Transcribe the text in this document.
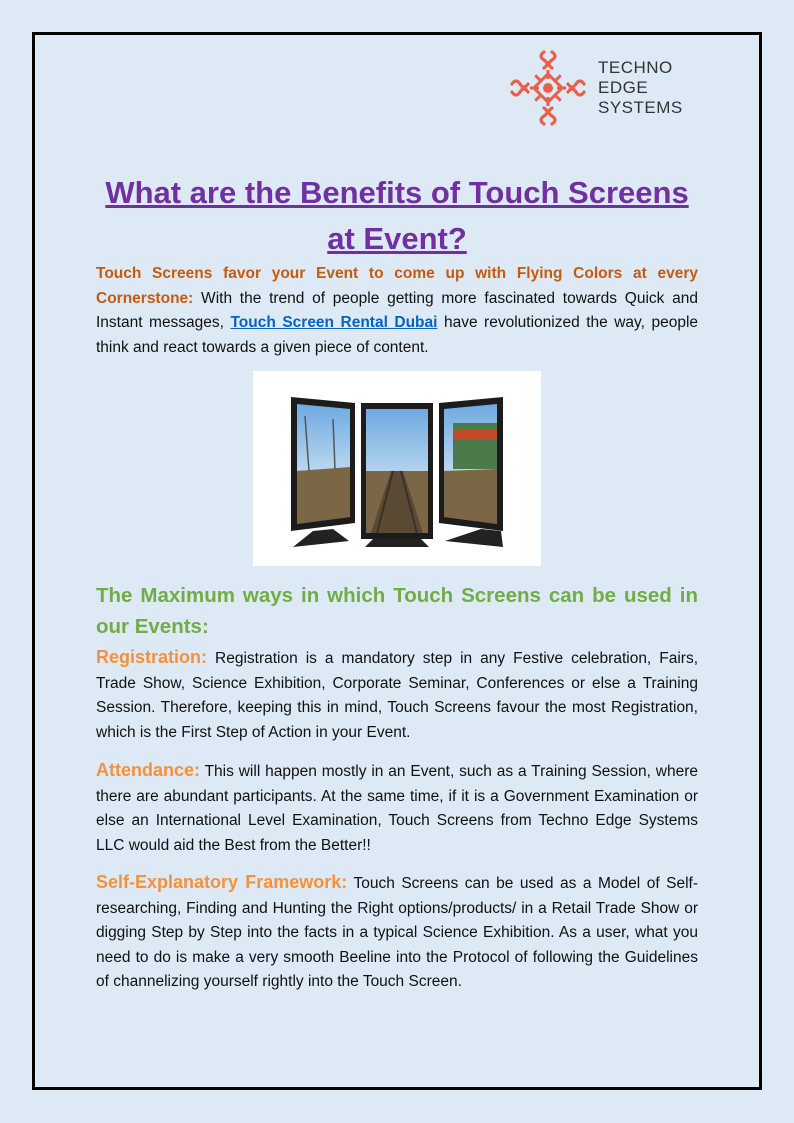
TECHNO
EDGE
SYSTEMS
What are the Benefits of Touch Screens at Event?

Touch Screens favor your Event to come up with Flying Colors at every Cornerstone: With the trend of people getting more fascinated towards Quick and Instant messages, Touch Screen Rental Dubai have revolutionized the way, people think and react towards a given piece of content.

The Maximum ways in which Touch Screens can be used in our Events:

Registration: Registration is a mandatory step in any Festive celebration, Fairs, Trade Show, Science Exhibition, Corporate Seminar, Conferences or else a Training Session. Therefore, keeping this in mind, Touch Screens favour the most Registration, which is the First Step of Action in your Event.

Attendance: This will happen mostly in an Event, such as a Training Session, where there are abundant participants. At the same time, if it is a Government Examination or else an International Level Examination, Touch Screens from Techno Edge Systems LLC would aid the Best from the Better!!

Self-Explanatory Framework: Touch Screens can be used as a Model of Self-researching, Finding and Hunting the Right options/products/ in a Retail Trade Show or digging Step by Step into the facts in a typical Science Exhibition. As a user, what you need to do is make a very smooth Beeline into the Protocol of following the Guidelines of channelizing yourself rightly into the Touch Screen.
